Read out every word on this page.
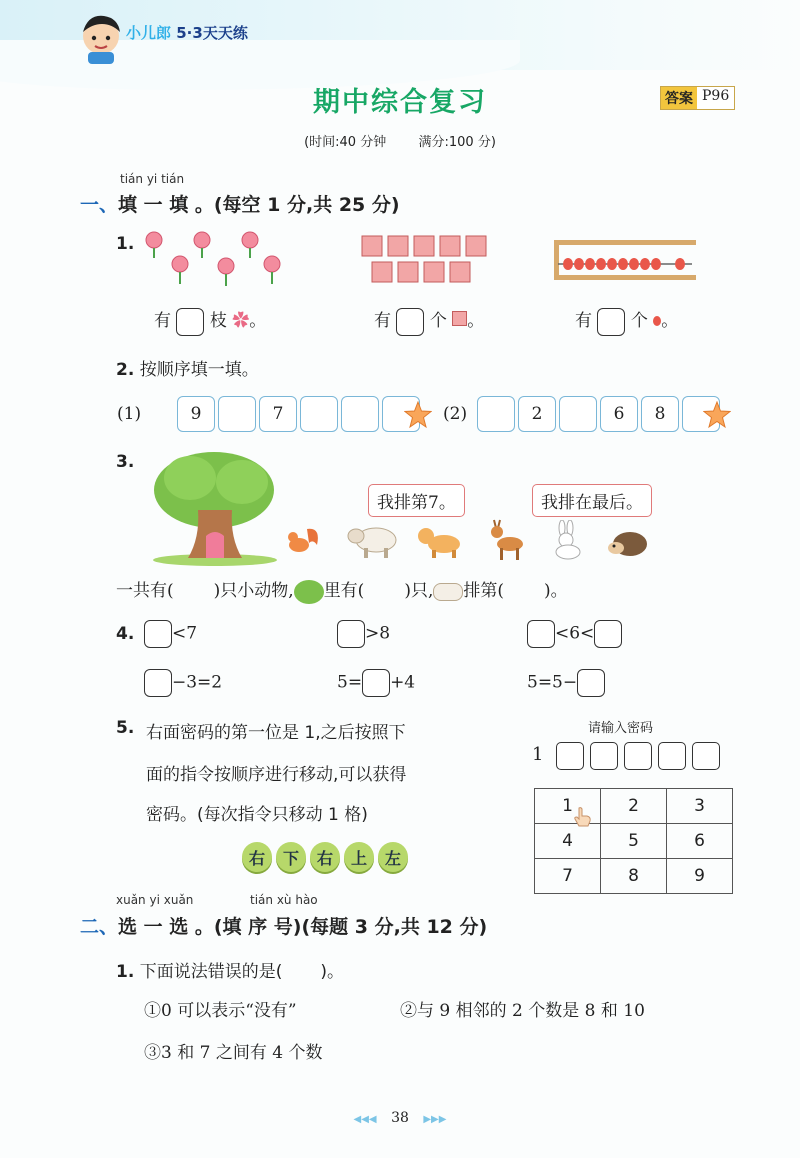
小儿郎 5·3天天练
期中综合复习	答案 P96
(时间:40 分钟 满分:100 分)
tián yi tián
一、填 一 填 。(每空 1 分,共 25 分)
1.
有 枝 ✿。	有 个 。	有 个 。
2. 按顺序填一填。
(1)	9	7	(2)	2	6	8
3.
我排第7。	我排在最后。
一共有( )只小动物, 里有( )只, 排第( )。
4.	<7	>8	<6<
−3=2	5= +4	5=5−
5. 右面密码的第一位是 1,之后按照下
面的指令按顺序进行移动,可以获得
密码。(每次指令只移动 1 格)
右 下 右 上 左
请输入密码
1
1	2	3
4	5	6
7	8	9
xuǎn yi xuǎn	tián xù hào
二、选 一 选 。(填 序 号)(每题 3 分,共 12 分)
1. 下面说法错误的是( )。
①0 可以表示“没有”	②与 9 相邻的 2 个数是 8 和 10
③3 和 7 之间有 4 个数
◀◀◀ 38 ▶▶▶
